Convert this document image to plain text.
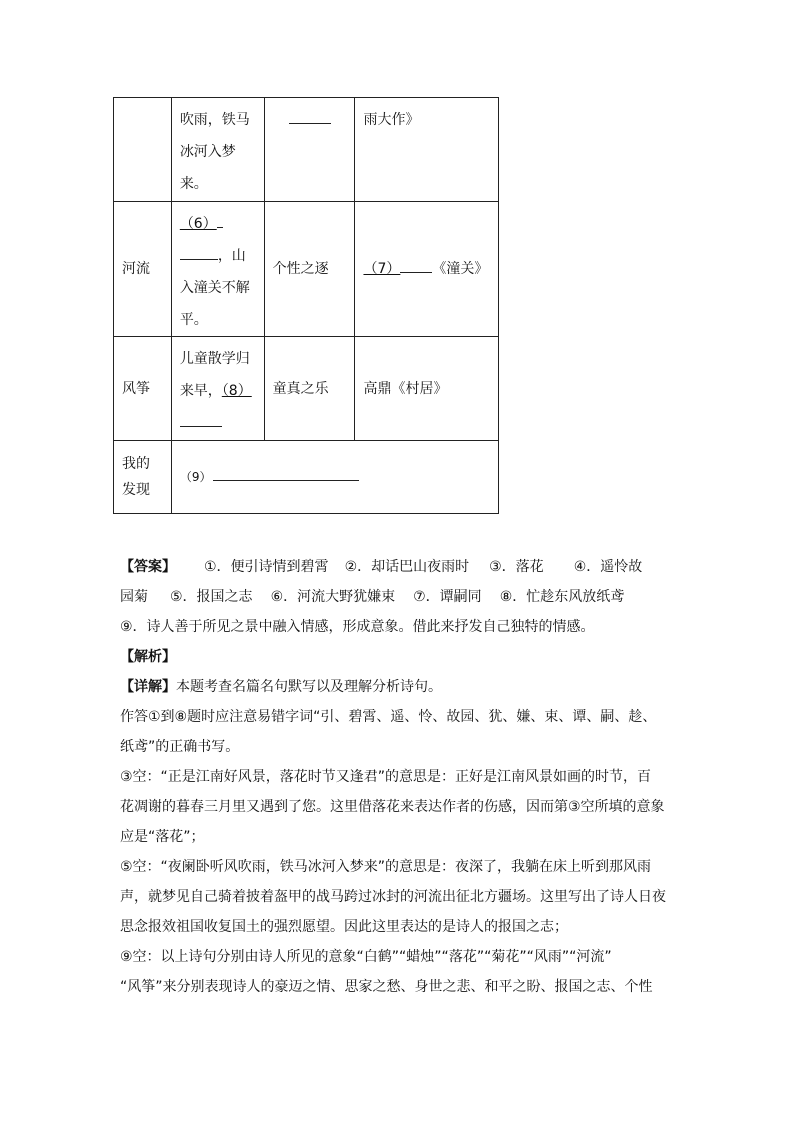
	吹雨，铁马
冰河入梦来。		雨大作》
河流	（6）
，山
入潼关不解
平。	个性之逐	（7） 《潼关》
风筝	儿童散学归
来早，（8）	童真之乐	高鼎《村居》

我的
发现	（9）		

【答案】 ①．便引诗情到碧霄 ②．却话巴山夜雨时 ③．落花 ④．遥怜故

园菊 ⑤．报国之志 ⑥．河流大野犹嫌束 ⑦．谭嗣同 ⑧．忙趁东风放纸鸢

⑨．诗人善于所见之景中融入情感，形成意象。借此来抒发自己独特的情感。

【解析】

【详解】本题考查名篇名句默写以及理解分析诗句。

作答①到⑧题时应注意易错字词“引、碧霄、遥、怜、故园、犹、嫌、束、谭、嗣、趁、

纸鸢”的正确书写。

③空：“正是江南好风景，落花时节又逢君”的意思是：正好是江南风景如画的时节，百

花凋谢的暮春三月里又遇到了您。这里借落花来表达作者的伤感，因而第③空所填的意象

应是“落花”；

⑤空：“夜阑卧听风吹雨，铁马冰河入梦来”的意思是：夜深了，我躺在床上听到那风雨

声，就梦见自己骑着披着盔甲的战马跨过冰封的河流出征北方疆场。这里写出了诗人日夜

思念报效祖国收复国土的强烈愿望。因此这里表达的是诗人的报国之志；

⑨空：以上诗句分别由诗人所见的意象“白鹤”“蜡烛”“落花”“菊花”“风雨”“河流”

“风筝”来分别表现诗人的豪迈之情、思家之愁、身世之悲、和平之盼、报国之志、个性
